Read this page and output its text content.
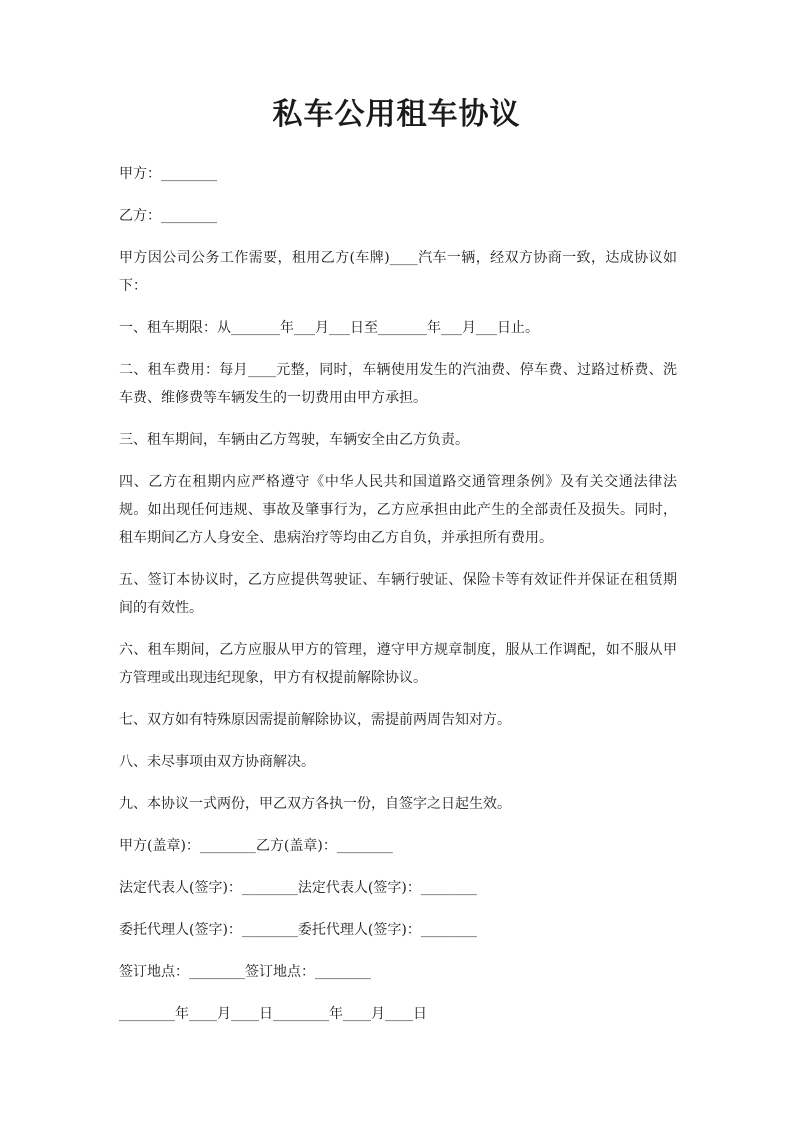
私车公用租车协议

甲方：________

乙方：________

甲方因公司公务工作需要，租用乙方(车牌)____汽车一辆，经双方协商一致，达成协议如下：

一、租车期限：从_______年___月___日至_______年___月___日止。

二、租车费用：每月____元整，同时，车辆使用发生的汽油费、停车费、过路过桥费、洗车费、维修费等车辆发生的一切费用由甲方承担。

三、租车期间，车辆由乙方驾驶，车辆安全由乙方负责。

四、乙方在租期内应严格遵守《中华人民共和国道路交通管理条例》及有关交通法律法规。如出现任何违规、事故及肇事行为，乙方应承担由此产生的全部责任及损失。同时，租车期间乙方人身安全、患病治疗等均由乙方自负，并承担所有费用。

五、签订本协议时，乙方应提供驾驶证、车辆行驶证、保险卡等有效证件并保证在租赁期间的有效性。

六、租车期间，乙方应服从甲方的管理，遵守甲方规章制度，服从工作调配，如不服从甲方管理或出现违纪现象，甲方有权提前解除协议。

七、双方如有特殊原因需提前解除协议，需提前两周告知对方。

八、未尽事项由双方协商解决。

九、本协议一式两份，甲乙双方各执一份，自签字之日起生效。

甲方(盖章)：________乙方(盖章)：________

法定代表人(签字)：________法定代表人(签字)：________

委托代理人(签字)：________委托代理人(签字)：________

签订地点：________签订地点：________

________年____月____日________年____月____日
